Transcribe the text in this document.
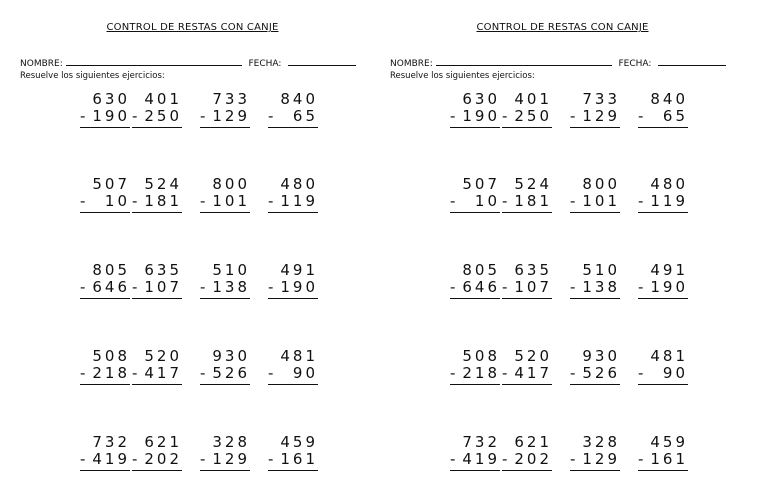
CONTROL DE RESTAS CON CANJE
NOMBRE:	FECHA:
Resuelve los siguientes ejercicios:
630
- 190
401
- 250
733
- 129
840
- 65
507
- 10
524
- 181
800
- 101
480
- 119
805
- 646
635
- 107
510
- 138
491
- 190
508
- 218
520
- 417
930
- 526
481
- 90
732
- 419
621
- 202
328
- 129
459
- 161
CONTROL DE RESTAS CON CANJE
NOMBRE:	FECHA:
Resuelve los siguientes ejercicios:
630
- 190
401
- 250
733
- 129
840
- 65
507
- 10
524
- 181
800
- 101
480
- 119
805
- 646
635
- 107
510
- 138
491
- 190
508
- 218
520
- 417
930
- 526
481
- 90
732
- 419
621
- 202
328
- 129
459
- 161
